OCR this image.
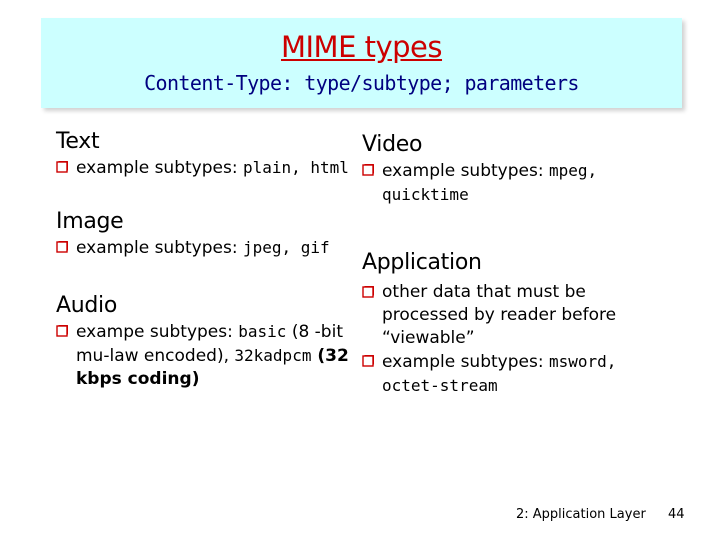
MIME types
Content-Type: type/subtype; parameters
Text
example subtypes: plain, html
Image
example subtypes: jpeg, gif
Audio
exampe subtypes: basic (8 -bit mu-law encoded), 32kadpcm (32 kbps coding)
Video
example subtypes: mpeg, quicktime
Application
other data that must be processed by reader before “viewable”
example subtypes: msword, octet-stream
2: Application Layer 44
